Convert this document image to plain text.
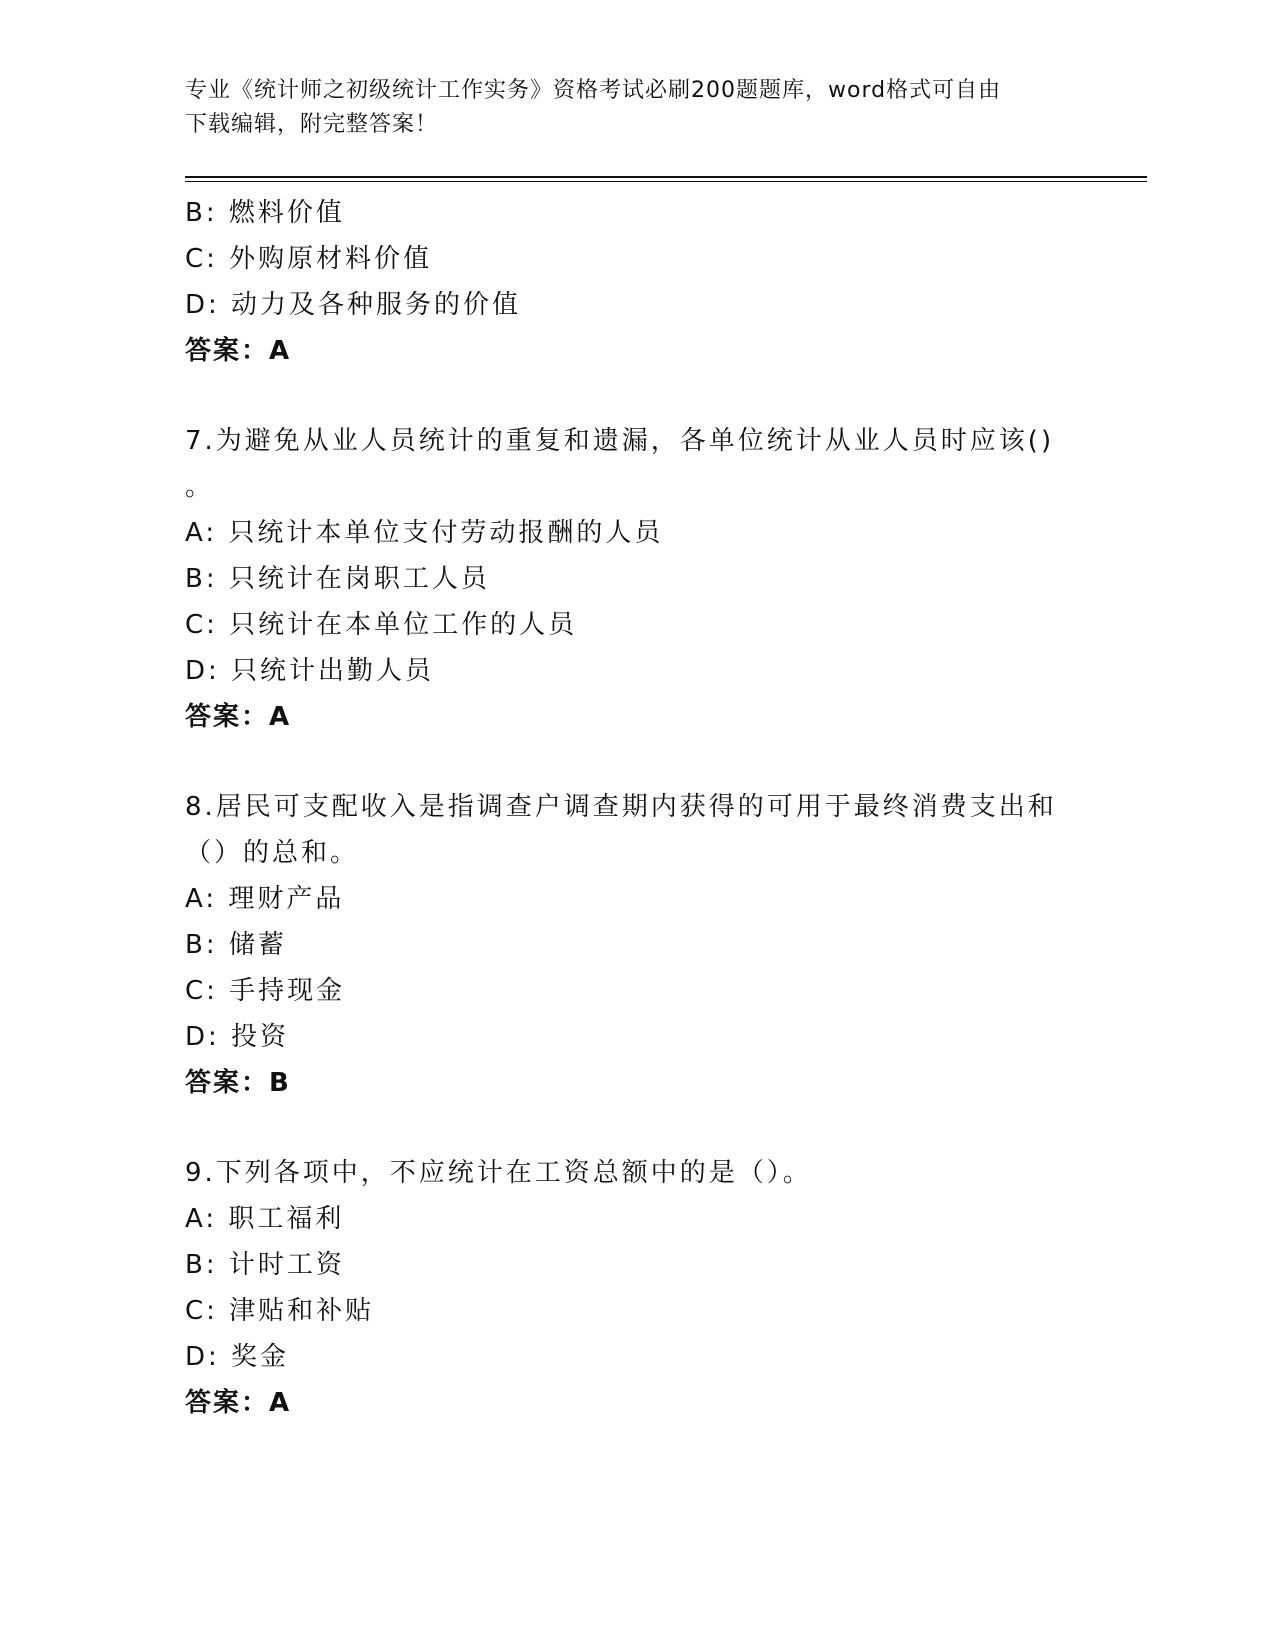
专业《统计师之初级统计工作实务》资格考试必刷200题题库，word格式可自由
下载编辑，附完整答案！
B: 燃料价值
C: 外购原材料价值
D: 动力及各种服务的价值
答案：A
7.为避免从业人员统计的重复和遗漏，各单位统计从业人员时应该()
。
A: 只统计本单位支付劳动报酬的人员
B: 只统计在岗职工人员
C: 只统计在本单位工作的人员
D: 只统计出勤人员
答案：A
8.居民可支配收入是指调查户调查期内获得的可用于最终消费支出和
（）的总和。
A: 理财产品
B: 储蓄
C: 手持现金
D: 投资
答案：B
9.下列各项中，不应统计在工资总额中的是（）。
A: 职工福利
B: 计时工资
C: 津贴和补贴
D: 奖金
答案：A
